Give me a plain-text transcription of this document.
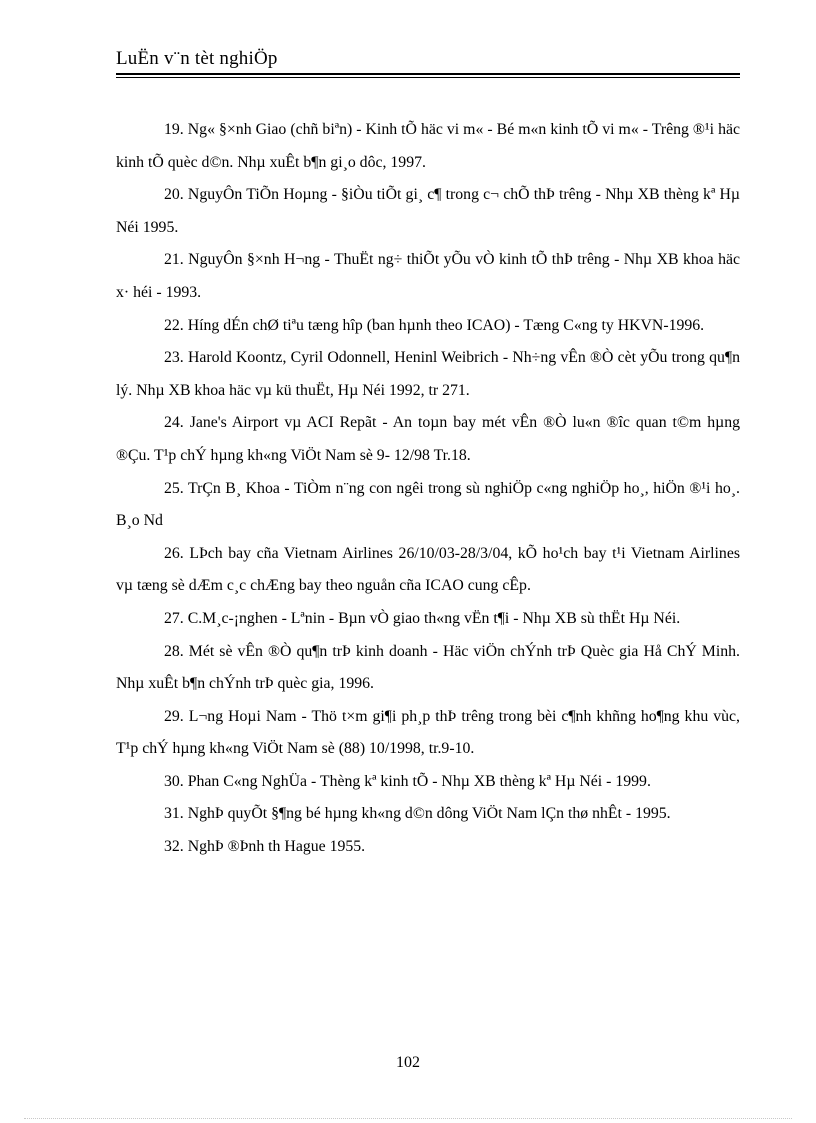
LuËn v¨n tèt nghiÖp

19. Ng« §×nh Giao (chñ biªn) - Kinh tÕ häc vi m« - Bé m«n kinh tÕ vi m« - Trêng ®¹i häc kinh tÕ quèc d©n. Nhµ xuÊt b¶n gi¸o dôc, 1997.

20. NguyÔn TiÕn Hoµng - §iÒu tiÕt gi¸ c¶ trong c¬ chÕ thÞ trêng - Nhµ XB thèng kª Hµ Néi 1995.

21. NguyÔn §×nh H¬ng - ThuËt ng÷ thiÕt yÕu vÒ kinh tÕ thÞ trêng - Nhµ XB khoa häc x· héi - 1993.

22. Híng dÉn chØ tiªu tæng hîp (ban hµnh theo ICAO) - Tæng C«ng ty HKVN-1996.

23. Harold Koontz, Cyril Odonnell, Heninl Weibrich - Nh÷ng vÊn ®Ò cèt yÕu trong qu¶n lý. Nhµ XB khoa häc vµ kü thuËt, Hµ Néi 1992, tr 271.

24. Jane's Airport vµ ACI Repãt - An toµn bay mét vÊn ®Ò lu«n ®îc quan t©m hµng ®Çu. T¹p chÝ hµng kh«ng ViÖt Nam sè 9- 12/98 Tr.18.

25. TrÇn B¸ Khoa - TiÒm n¨ng con ngêi trong sù nghiÖp c«ng nghiÖp ho¸, hiÖn ®¹i ho¸. B¸o Nd

26. LÞch bay cña Vietnam Airlines 26/10/03-28/3/04, kÕ ho¹ch bay t¹i Vietnam Airlines vµ tæng sè dÆm c¸c chÆng bay theo nguån cña ICAO cung cÊp.

27. C.M¸c-¡nghen - Lªnin - Bµn vÒ giao th«ng vËn t¶i - Nhµ XB sù thËt Hµ Néi.

28. Mét sè vÊn ®Ò qu¶n trÞ kinh doanh - Häc viÖn chÝnh trÞ Quèc gia Hå ChÝ Minh. Nhµ xuÊt b¶n chÝnh trÞ quèc gia, 1996.

29. L¬ng Hoµi Nam - Thö t×m gi¶i ph¸p thÞ trêng trong bèi c¶nh khñng ho¶ng khu vùc, T¹p chÝ hµng kh«ng ViÖt Nam sè (88) 10/1998, tr.9-10.

30. Phan C«ng NghÜa - Thèng kª kinh tÕ - Nhµ XB thèng kª Hµ Néi - 1999.

31. NghÞ quyÕt §¶ng bé hµng kh«ng d©n dông ViÖt Nam lÇn thø nhÊt - 1995.

32. NghÞ ®Þnh th Hague 1955.

102
